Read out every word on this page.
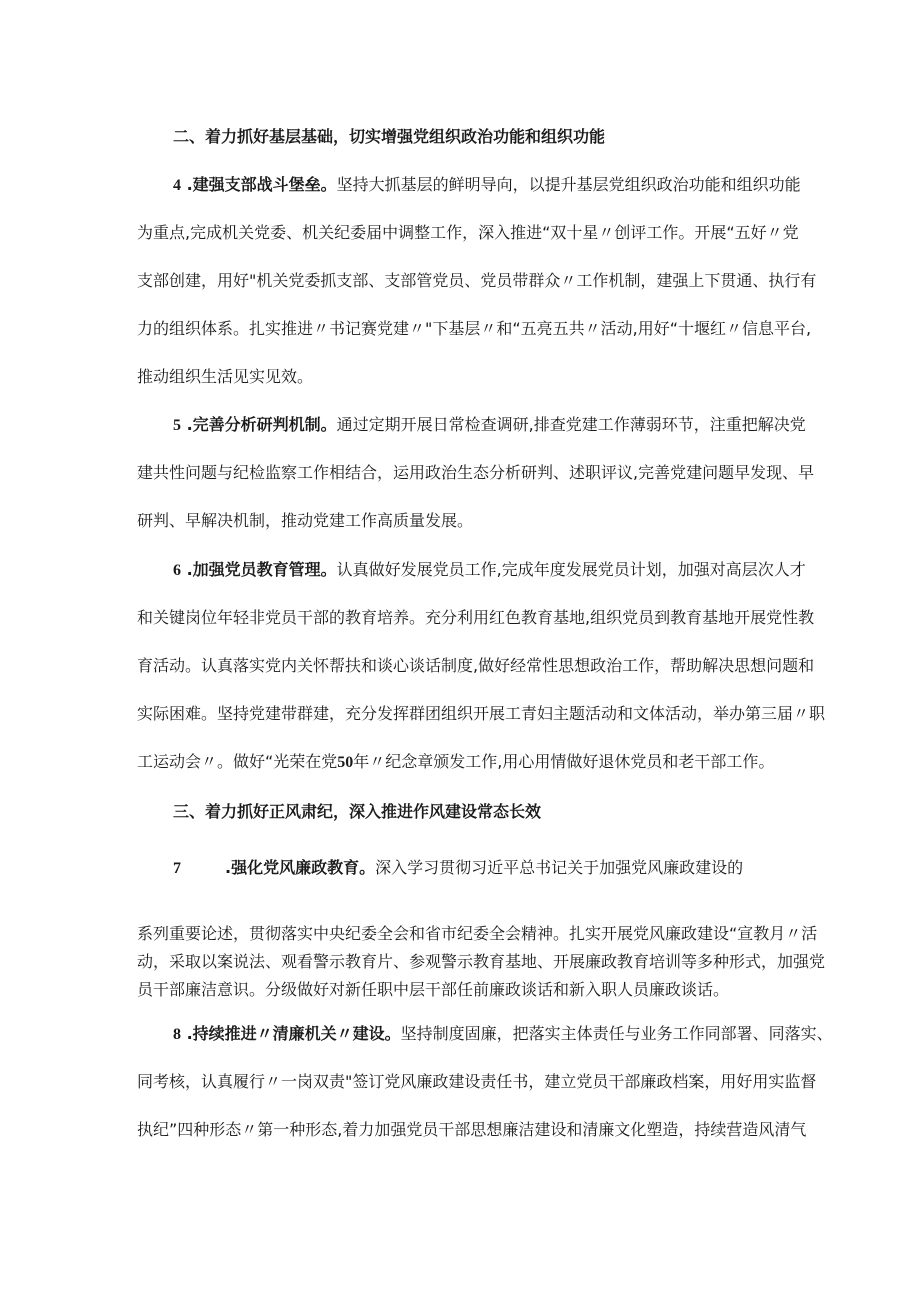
二、着力抓好基层基础，切实增强党组织政治功能和组织功能
4 .建强支部战斗堡垒。坚持大抓基层的鲜明导向，以提升基层党组织政治功能和组织功能
为重点,完成机关党委、机关纪委届中调整工作，深入推进“双十星〃创评工作。开展“五好〃党
支部创建，用好"机关党委抓支部、支部管党员、党员带群众〃工作机制，建强上下贯通、执行有
力的组织体系。扎实推进〃书记赛党建〃"下基层〃和“五亮五共〃活动,用好“十堰红〃信息平台,
推动组织生活见实见效。
5 .完善分析研判机制。通过定期开展日常检查调研,排查党建工作薄弱环节，注重把解决党
建共性问题与纪检监察工作相结合，运用政治生态分析研判、述职评议,完善党建问题早发现、早
研判、早解决机制，推动党建工作高质量发展。
6 .加强党员教育管理。认真做好发展党员工作,完成年度发展党员计划，加强对高层次人才
和关键岗位年轻非党员干部的教育培养。充分利用红色教育基地,组织党员到教育基地开展党性教
育活动。认真落实党内关怀帮扶和谈心谈话制度,做好经常性思想政治工作，帮助解决思想问题和
实际困难。坚持党建带群建，充分发挥群团组织开展工青妇主题活动和文体活动，举办第三届〃职
工运动会〃。做好“光荣在党50年〃纪念章颁发工作,用心用情做好退休党员和老干部工作。
三、着力抓好正风肃纪，深入推进作风建设常态长效
7	.强化党风廉政教育。深入学习贯彻习近平总书记关于加强党风廉政建设的
系列重要论述，贯彻落实中央纪委全会和省市纪委全会精神。扎实开展党风廉政建设“宣教月〃活
动，采取以案说法、观看警示教育片、参观警示教育基地、开展廉政教育培训等多种形式，加强党
员干部廉洁意识。分级做好对新任职中层干部任前廉政谈话和新入职人员廉政谈话。
8 .持续推进〃清廉机关〃建设。坚持制度固廉，把落实主体责任与业务工作同部署、同落实、
同考核，认真履行〃一岗双责"签订党风廉政建设责任书，建立党员干部廉政档案，用好用实监督
执纪”四种形态〃第一种形态,着力加强党员干部思想廉洁建设和清廉文化塑造，持续营造风清气
